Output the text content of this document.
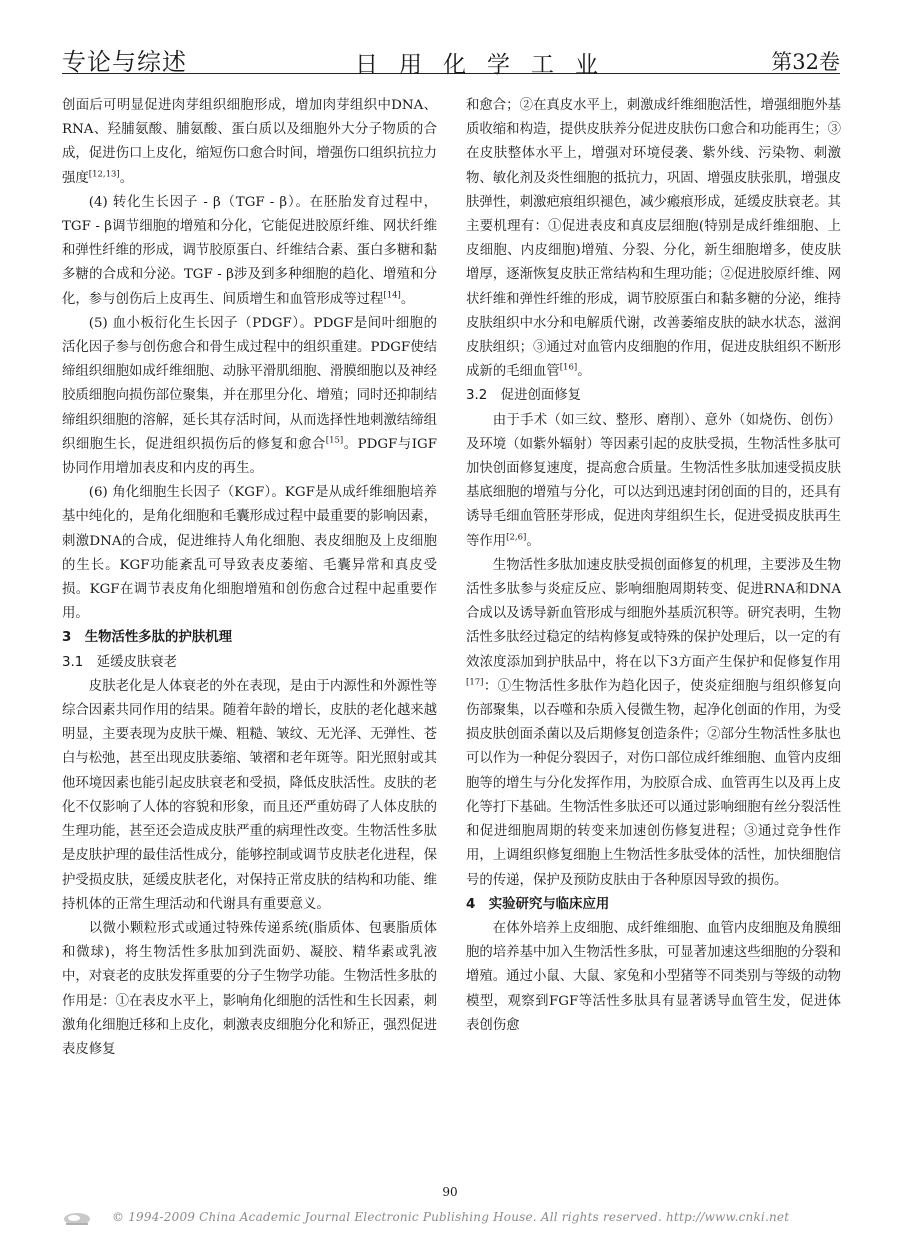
专论与综述	日用化学工业	第32卷

创面后可明显促进肉芽组织细胞形成，增加肉芽组织中DNA、RNA、羟脯氨酸、脯氨酸、蛋白质以及细胞外大分子物质的合成，促进伤口上皮化，缩短伤口愈合时间，增强伤口组织抗拉力强度[12,13]。

(4) 转化生长因子 - β（TGF - β）。在胚胎发育过程中，TGF - β调节细胞的增殖和分化，它能促进胶原纤维、网状纤维和弹性纤维的形成，调节胶原蛋白、纤维结合素、蛋白多糖和黏多糖的合成和分泌。TGF - β涉及到多种细胞的趋化、增殖和分化，参与创伤后上皮再生、间质增生和血管形成等过程[14]。

(5) 血小板衍化生长因子（PDGF）。PDGF是间叶细胞的活化因子参与创伤愈合和骨生成过程中的组织重建。PDGF使结缔组织细胞如成纤维细胞、动脉平滑肌细胞、滑膜细胞以及神经胶质细胞向损伤部位聚集，并在那里分化、增殖；同时还抑制结缔组织细胞的溶解，延长其存活时间，从而选择性地刺激结缔组织细胞生长，促进组织损伤后的修复和愈合[15]。PDGF与IGF协同作用增加表皮和内皮的再生。

(6) 角化细胞生长因子（KGF）。KGF是从成纤维细胞培养基中纯化的，是角化细胞和毛囊形成过程中最重要的影响因素，刺激DNA的合成，促进维持人角化细胞、表皮细胞及上皮细胞的生长。KGF功能紊乱可导致表皮萎缩、毛囊异常和真皮受损。KGF在调节表皮角化细胞增殖和创伤愈合过程中起重要作用。

3　生物活性多肽的护肤机理

3.1　延缓皮肤衰老

皮肤老化是人体衰老的外在表现，是由于内源性和外源性等综合因素共同作用的结果。随着年龄的增长，皮肤的老化越来越明显，主要表现为皮肤干燥、粗糙、皱纹、无光泽、无弹性、苍白与松弛，甚至出现皮肤萎缩、皱褶和老年斑等。阳光照射或其他环境因素也能引起皮肤衰老和受损，降低皮肤活性。皮肤的老化不仅影响了人体的容貌和形象，而且还严重妨碍了人体皮肤的生理功能，甚至还会造成皮肤严重的病理性改变。生物活性多肽是皮肤护理的最佳活性成分，能够控制或调节皮肤老化进程，保护受损皮肤，延缓皮肤老化，对保持正常皮肤的结构和功能、维持机体的正常生理活动和代谢具有重要意义。

以微小颗粒形式或通过特殊传递系统(脂质体、包裹脂质体和微球)，将生物活性多肽加到洗面奶、凝胶、精华素或乳液中，对衰老的皮肤发挥重要的分子生物学功能。生物活性多肽的作用是：①在表皮水平上，影响角化细胞的活性和生长因素，刺激角化细胞迁移和上皮化，刺激表皮细胞分化和矫正，强烈促进表皮修复

和愈合；②在真皮水平上，刺激成纤维细胞活性，增强细胞外基质收缩和构造，提供皮肤养分促进皮肤伤口愈合和功能再生；③在皮肤整体水平上，增强对环境侵袭、紫外线、污染物、刺激物、敏化剂及炎性细胞的抵抗力，巩固、增强皮肤张肌，增强皮肤弹性，刺激疤痕组织褪色，减少瘢痕形成，延缓皮肤衰老。其主要机理有：①促进表皮和真皮层细胞(特别是成纤维细胞、上皮细胞、内皮细胞)增殖、分裂、分化，新生细胞增多，使皮肤增厚，逐渐恢复皮肤正常结构和生理功能；②促进胶原纤维、网状纤维和弹性纤维的形成，调节胶原蛋白和黏多糖的分泌，维持皮肤组织中水分和电解质代谢，改善萎缩皮肤的缺水状态，滋润皮肤组织；③通过对血管内皮细胞的作用，促进皮肤组织不断形成新的毛细血管[16]。

3.2　促进创面修复

由于手术（如三纹、整形、磨削）、意外（如烧伤、创伤）及环境（如紫外辐射）等因素引起的皮肤受损，生物活性多肽可加快创面修复速度，提高愈合质量。生物活性多肽加速受损皮肤基底细胞的增殖与分化，可以达到迅速封闭创面的目的，还具有诱导毛细血管胚芽形成，促进肉芽组织生长，促进受损皮肤再生等作用[2,6]。

生物活性多肽加速皮肤受损创面修复的机理，主要涉及生物活性多肽参与炎症反应、影响细胞周期转变、促进RNA和DNA合成以及诱导新血管形成与细胞外基质沉积等。研究表明，生物活性多肽经过稳定的结构修复或特殊的保护处理后，以一定的有效浓度添加到护肤品中，将在以下3方面产生保护和促修复作用[17]：①生物活性多肽作为趋化因子，使炎症细胞与组织修复向伤部聚集，以吞噬和杂质入侵微生物，起净化创面的作用，为受损皮肤创面杀菌以及后期修复创造条件；②部分生物活性多肽也可以作为一种促分裂因子，对伤口部位成纤维细胞、血管内皮细胞等的增生与分化发挥作用，为胶原合成、血管再生以及再上皮化等打下基础。生物活性多肽还可以通过影响细胞有丝分裂活性和促进细胞周期的转变来加速创伤修复进程；③通过竞争性作用，上调组织修复细胞上生物活性多肽受体的活性，加快细胞信号的传递，保护及预防皮肤由于各种原因导致的损伤。

4　实验研究与临床应用

在体外培养上皮细胞、成纤维细胞、血管内皮细胞及角膜细胞的培养基中加入生物活性多肽，可显著加速这些细胞的分裂和增殖。通过小鼠、大鼠、家兔和小型猪等不同类别与等级的动物模型，观察到FGF等活性多肽具有显著诱导血管生发，促进体表创伤愈

90
© 1994-2009 China Academic Journal Electronic Publishing House. All rights reserved. http://www.cnki.net
